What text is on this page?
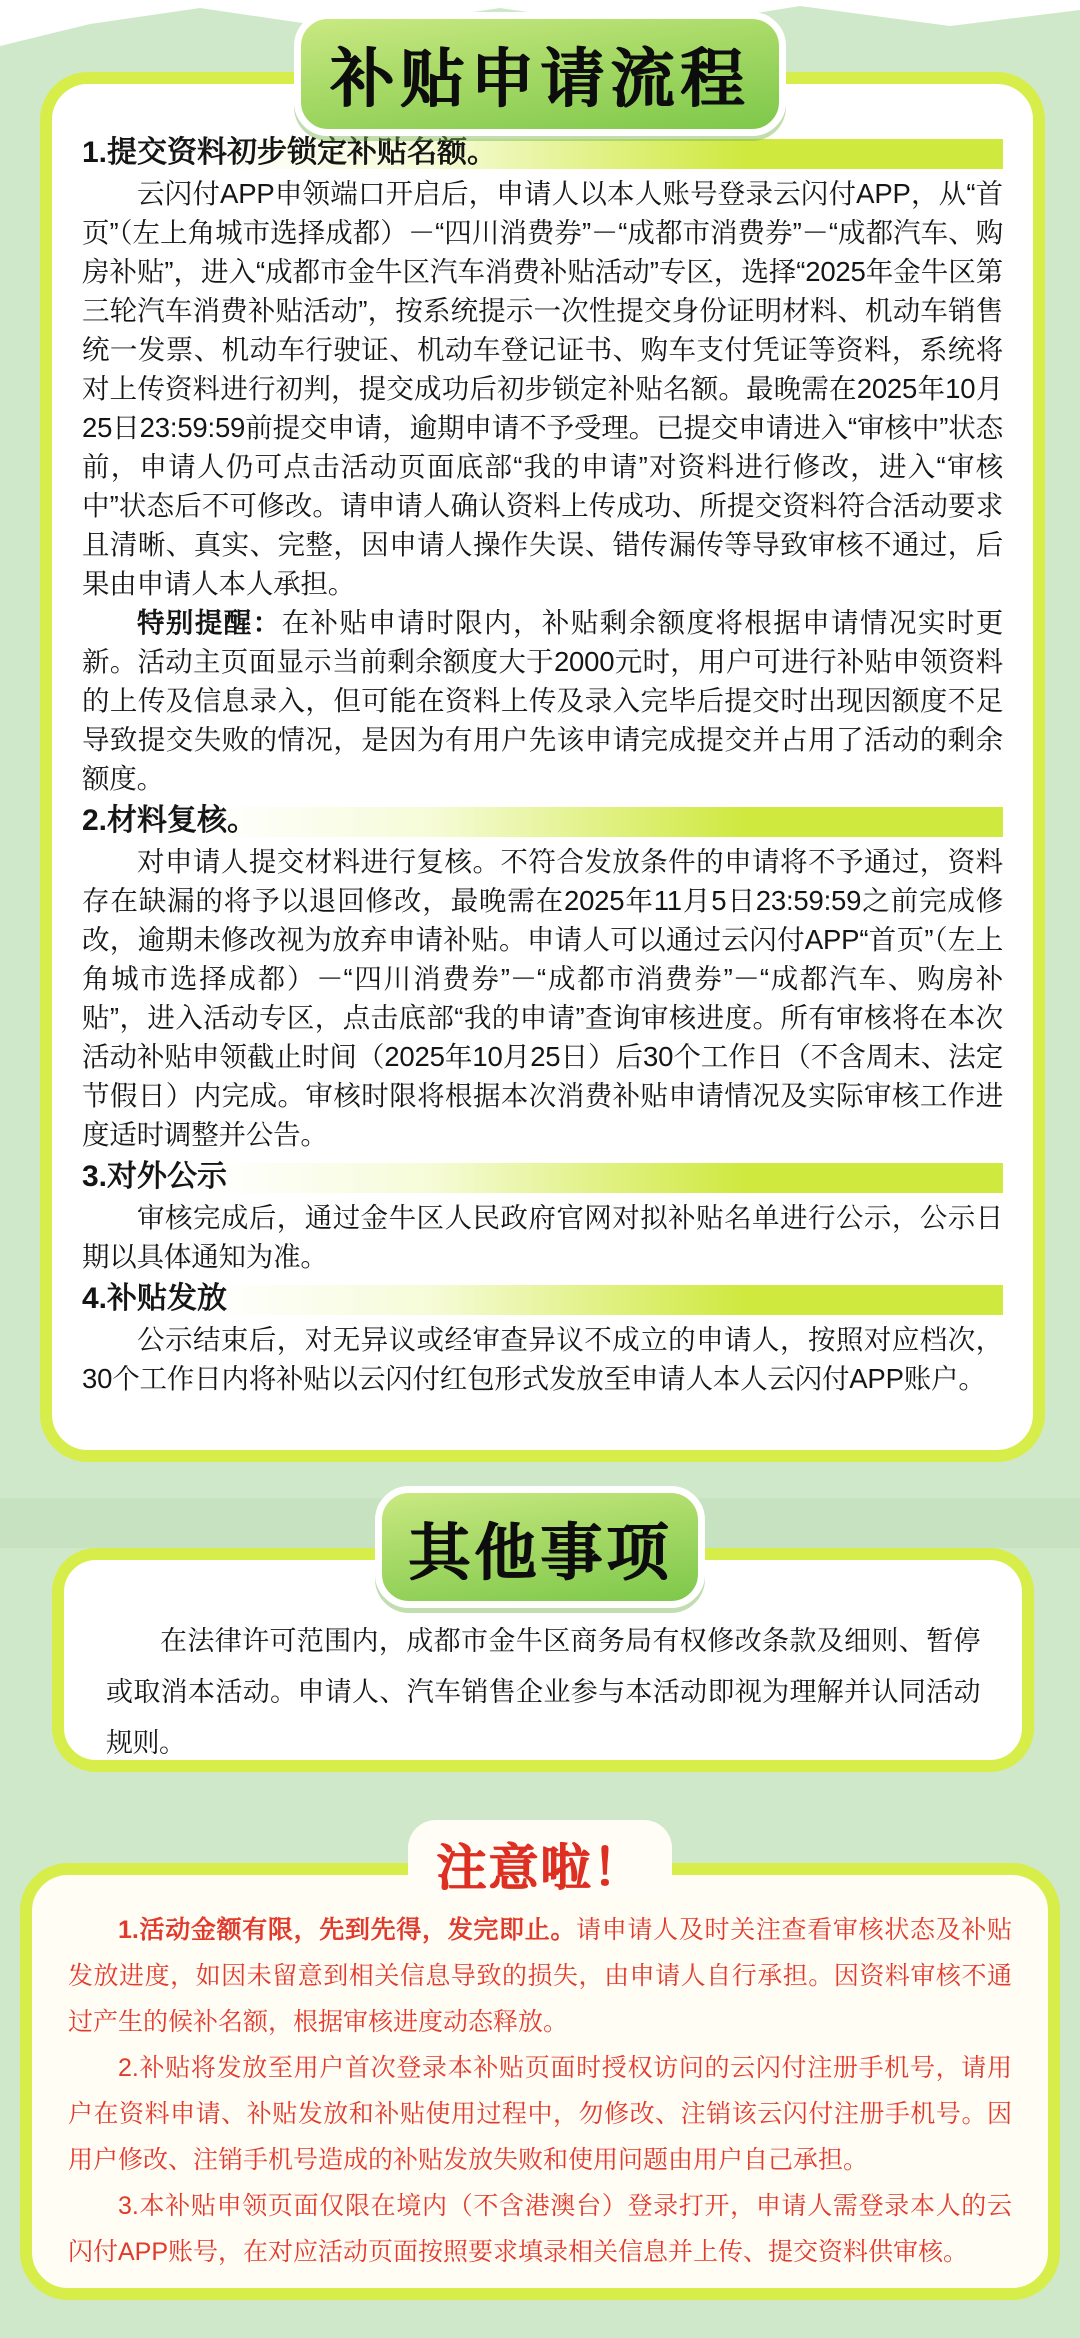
1.提交资料初步锁定补贴名额。

云闪付APP申领端口开启后，申请人以本人账号登录云闪付APP，从“首页”（左上角城市选择成都）－“四川消费券”－“成都市消费券”－“成都汽车、购房补贴”，进入“成都市金牛区汽车消费补贴活动”专区，选择“2025年金牛区第三轮汽车消费补贴活动”，按系统提示一次性提交身份证明材料、机动车销售 统一发票、机动车行驶证、机动车登记证书、购车支付凭证等资料，系统将对上传资料进行初判，提交成功后初步锁定补贴名额。最晚需在2025年10月25日23:59:59前提交申请，逾期申请不予受理。已提交申请进入“审核中”状态前，申请人仍可点击活动页面底部“我的申请”对资料进行修改，进入“审核中”状态后不可修改。请申请人确认资料上传成功、所提交资料符合活动要求且清晰、真实、完整，因申请人操作失误、错传漏传等导致审核不通过，后果由申请人本人承担。

特别提醒：在补贴申请时限内，补贴剩余额度将根据申请情况实时更新。活动主页面显示当前剩余额度大于2000元时，用户可进行补贴申领资料的上传及信息录入，但可能在资料上传及录入完毕后提交时出现因额度不足导致提交失败的情况，是因为有用户先该申请完成提交并占用了活动的剩余额度。

2.材料复核。

对申请人提交材料进行复核。不符合发放条件的申请将不予通过，资料存在缺漏的将予以退回修改，最晚需在2025年11月5日23:59:59之前完成修改，逾期未修改视为放弃申请补贴。申请人可以通过云闪付APP“首页”（左上角城市选择成都）－“四川消费券”－“成都市消费券”－“成都汽车、购房补贴”，进入活动专区，点击底部“我的申请”查询审核进度。所有审核将在本次活动补贴申领截止时间（2025年10月25日）后30个工作日（不含周末、法定节假日）内完成。审核时限将根据本次消费补贴申请情况及实际审核工作进度适时调整并公告。

3.对外公示

审核完成后，通过金牛区人民政府官网对拟补贴名单进行公示，公示日期以具体通知为准。

4.补贴发放

公示结束后，对无异议或经审查异议不成立的申请人，按照对应档次，30个工作日内将补贴以云闪付红包形式发放至申请人本人云闪付APP账户。

在法律许可范围内，成都市金牛区商务局有权修改条款及细则、暂停或取消本活动。申请人、汽车销售企业参与本活动即视为理解并认同活动规则。

1.活动金额有限，先到先得，发完即止。请申请人及时关注查看审核状态及补贴发放进度，如因未留意到相关信息导致的损失，由申请人自行承担。因资料审核不通过产生的候补名额，根据审核进度动态释放。

2.补贴将发放至用户首次登录本补贴页面时授权访问的云闪付注册手机号，请用户在资料申请、补贴发放和补贴使用过程中，勿修改、注销该云闪付注册手机号。因用户修改、注销手机号造成的补贴发放失败和使用问题由用户自己承担。

3.本补贴申领页面仅限在境内（不含港澳台）登录打开，申请人需登录本人的云闪付APP账号，在对应活动页面按照要求填录相关信息并上传、提交资料供审核。

补贴申请流程
其他事项
注意啦！
